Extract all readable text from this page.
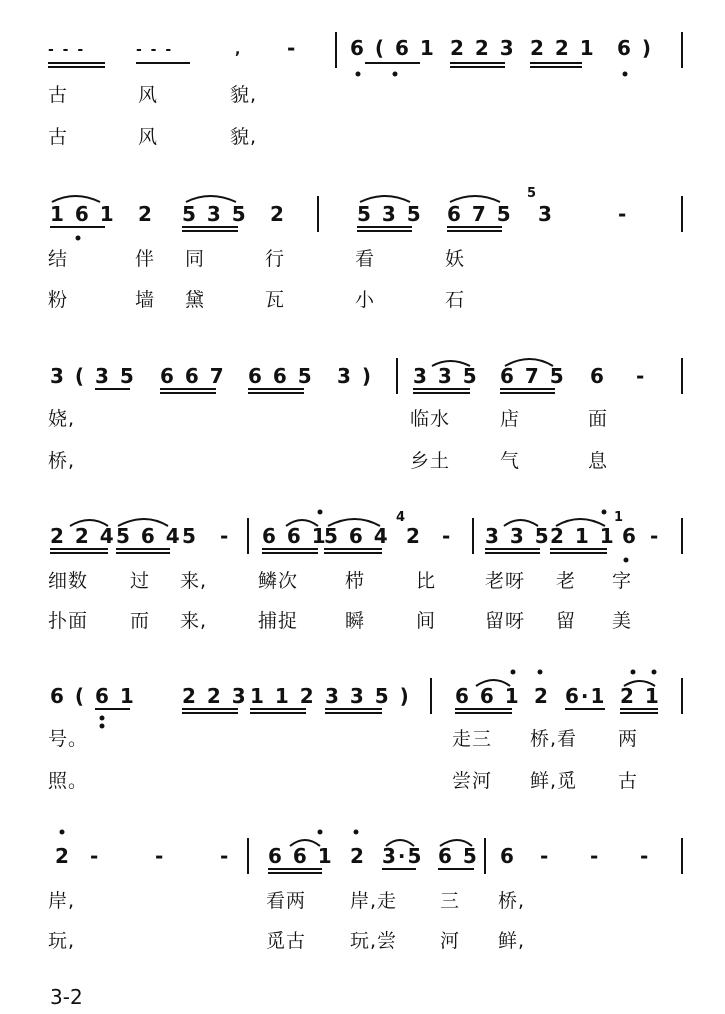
- - -	- - -	, -	6 ( 6 1 2 2 3 2 2 1 6 )
古	风	貌,
古	风	貌,
1 6 1 2 5 3 5 2	5 3 5 6 7 5 3	-
5
结	伴 同	行	看	妖
粉	墙 黛	瓦	小	石
3 ( 3 5 6 6 7 6 6 5 3 ) 3 3 5 6 7 5 6 -
娆,	临水	店	面
桥,	乡土	气	息
2 2 4 5 6 4 5 - 6 6 1
5 6 4 2 - 3 3 5 2 1 1 6 -
4	1
细数 过 来,	鳞次 栉	比	老呀 老 字
扑面 而 来,	捕捉 瞬	间	留呀 留 美
6 ( 6 1 2 2 3 1 1 2 3 3 5 ) 6 6 1 2 6·1 2 1
号。	走三 桥,看 两
照。	尝河 鲜,觅 古
2 -	-	- 6 6 1 2 3·5 6 5 6 - - -
岸,	看两 岸,走 三 桥,
玩,	觅古 玩,尝 河 鲜,
3-2
